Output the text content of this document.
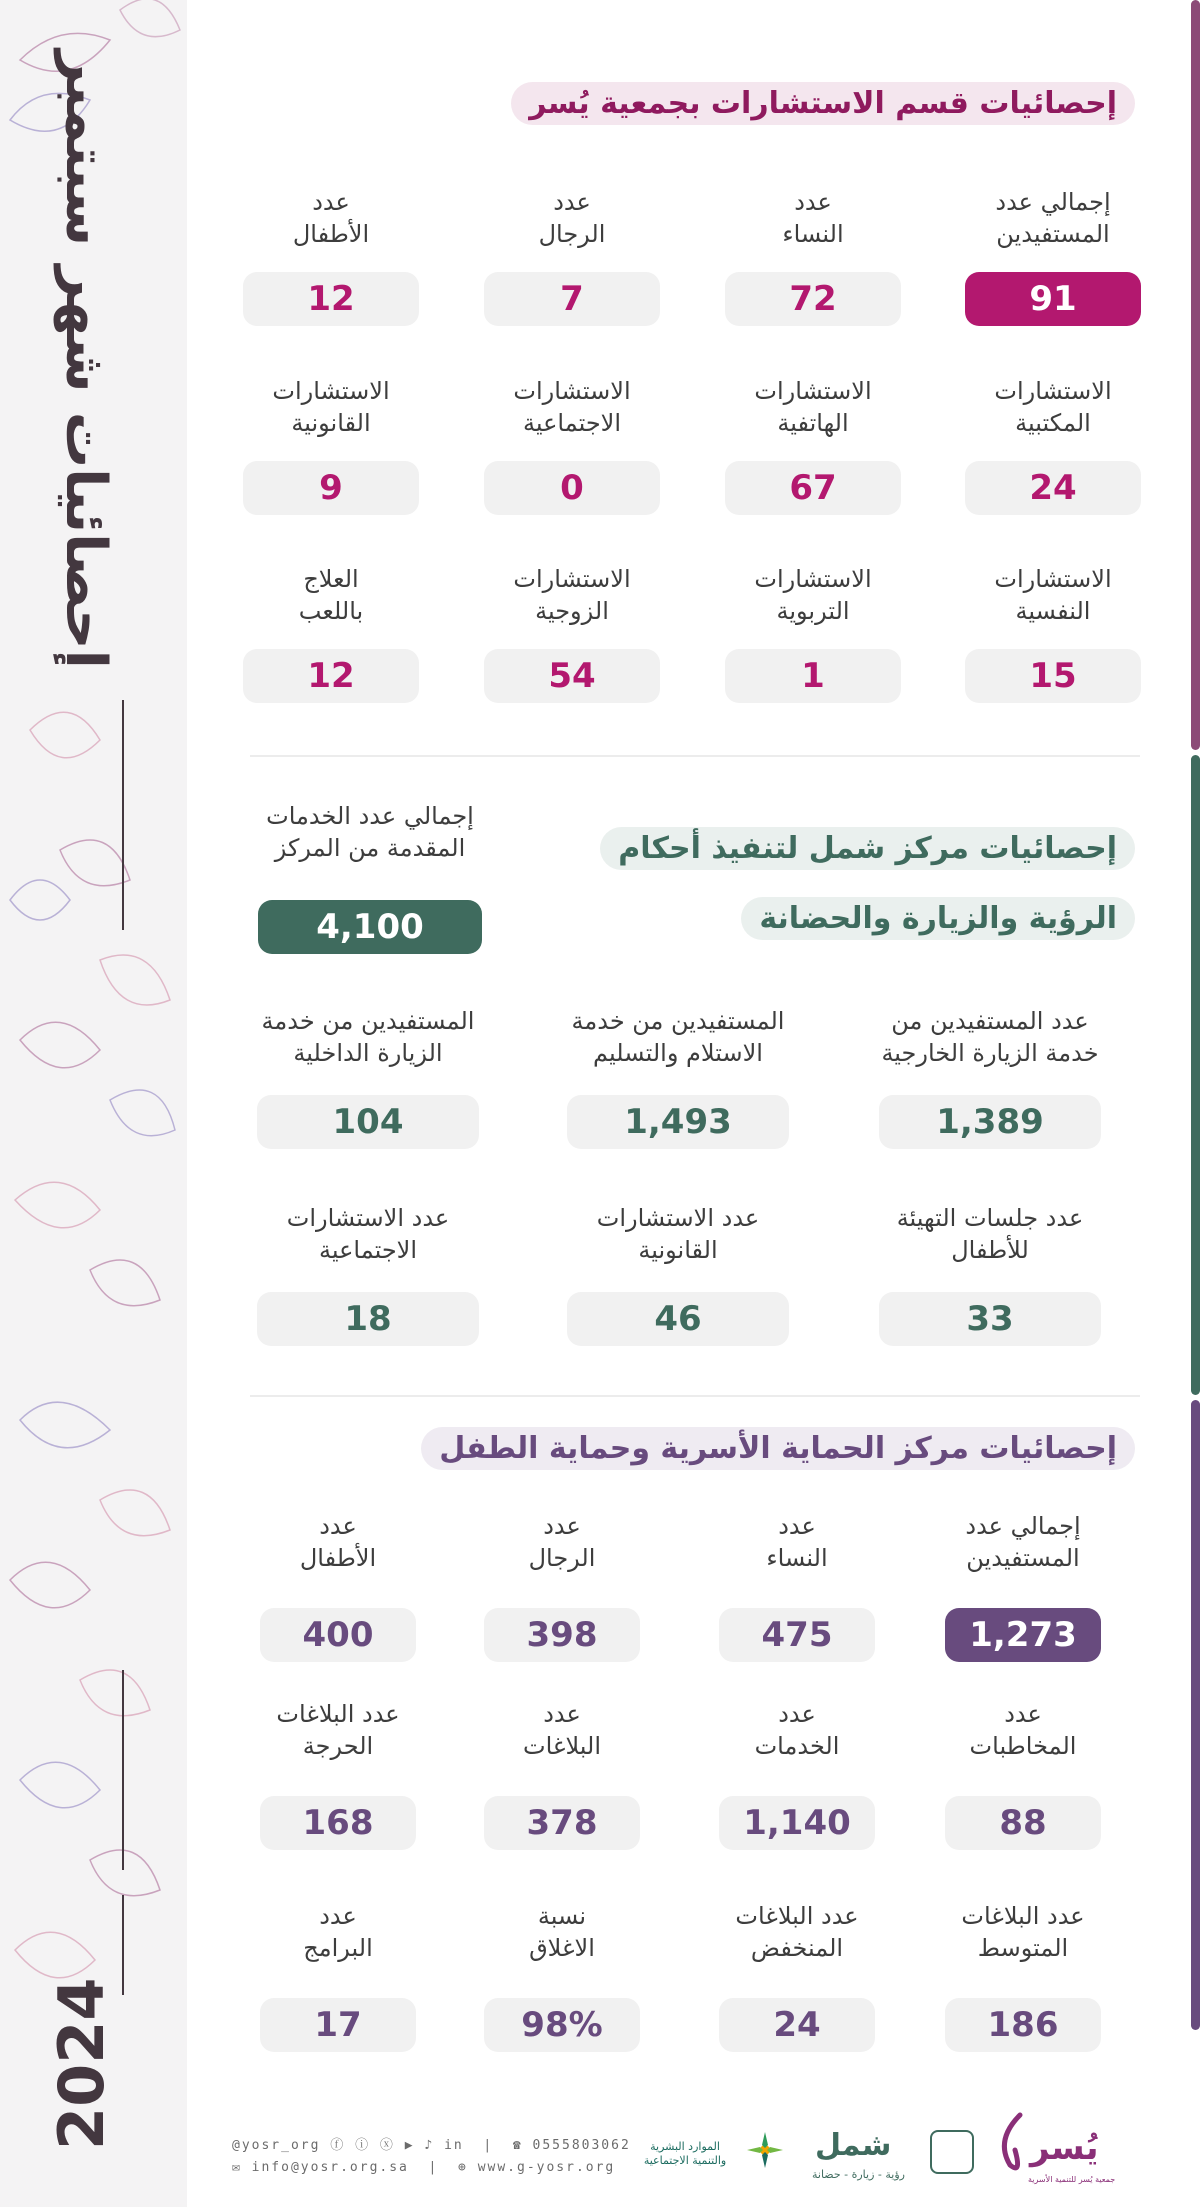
إحصائيات شهر سبتمبر
2024
إحصائيات قسم الاستشارات بجمعية يُسر
إجمالي عدد
المستفيدين
91
عدد
النساء
72
عدد
الرجال
7
عدد
الأطفال
12
الاستشارات
المكتبية
24
الاستشارات
الهاتفية
67
الاستشارات
الاجتماعية
0
الاستشارات
القانونية
9
الاستشارات
النفسية
15
الاستشارات
التربوية
1
الاستشارات
الزوجية
54
العلاج
باللعب
12
إحصائيات مركز شمل لتنفيذ أحكام
الرؤية والزيارة والحضانة
إجمالي عدد الخدمات
المقدمة من المركز
4,100
عدد المستفيدين من
خدمة الزيارة الخارجية
1,389
المستفيدين من خدمة
الاستلام والتسليم
1,493
المستفيدين من خدمة
الزيارة الداخلية
104
عدد جلسات التهيئة
للأطفال
33
عدد الاستشارات
القانونية
46
عدد الاستشارات
الاجتماعية
18
إحصائيات مركز الحماية الأسرية وحماية الطفل
إجمالي عدد
المستفيدين
1,273
عدد
النساء
475
عدد
الرجال
398
عدد
الأطفال
400
عدد
المخاطبات
88
عدد
الخدمات
1,140
عدد
البلاغات
378
عدد البلاغات
الحرجة
168
عدد البلاغات
المتوسط
186
عدد البلاغات
المنخفض
24
نسبة
الاغلاق
98%
عدد
البرامج
17
@yosr_org ⓕ ⓘ ⓧ ▶ ♪ in  |  ☎ 0555803062
✉ info@yosr.org.sa  |  ⊕ www.g-yosr.org
الموارد البشرية
والتنمية الاجتماعية	شمل
رؤية - زيارة - حضانة
يُسر
جمعية يُسر للتنمية الأسرية
